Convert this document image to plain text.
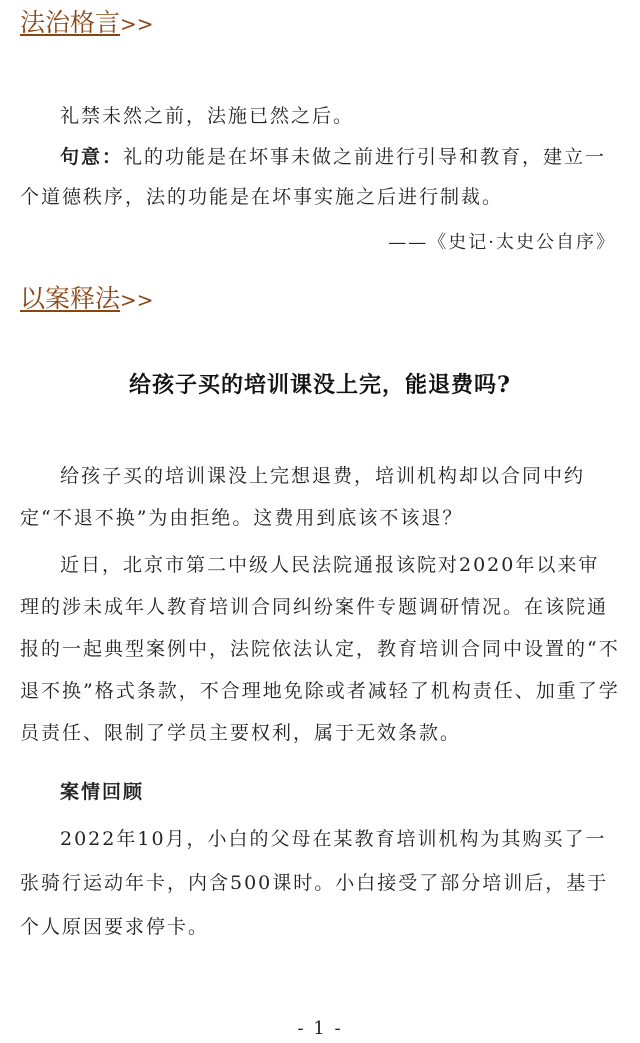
法治格言>>
礼禁未然之前，法施已然之后。
句意：礼的功能是在坏事未做之前进行引导和教育，建立一个道德秩序，法的功能是在坏事实施之后进行制裁。
——《史记·太史公自序》
以案释法>>
给孩子买的培训课没上完，能退费吗?
给孩子买的培训课没上完想退费，培训机构却以合同中约定“不退不换”为由拒绝。这费用到底该不该退？
近日，北京市第二中级人民法院通报该院对2020年以来审理的涉未成年人教育培训合同纠纷案件专题调研情况。在该院通报的一起典型案例中，法院依法认定，教育培训合同中设置的“不退不换”格式条款，不合理地免除或者减轻了机构责任、加重了学员责任、限制了学员主要权利，属于无效条款。
案情回顾
2022年10月，小白的父母在某教育培训机构为其购买了一张骑行运动年卡，内含500课时。小白接受了部分培训后，基于个人原因要求停卡。
- 1 -
